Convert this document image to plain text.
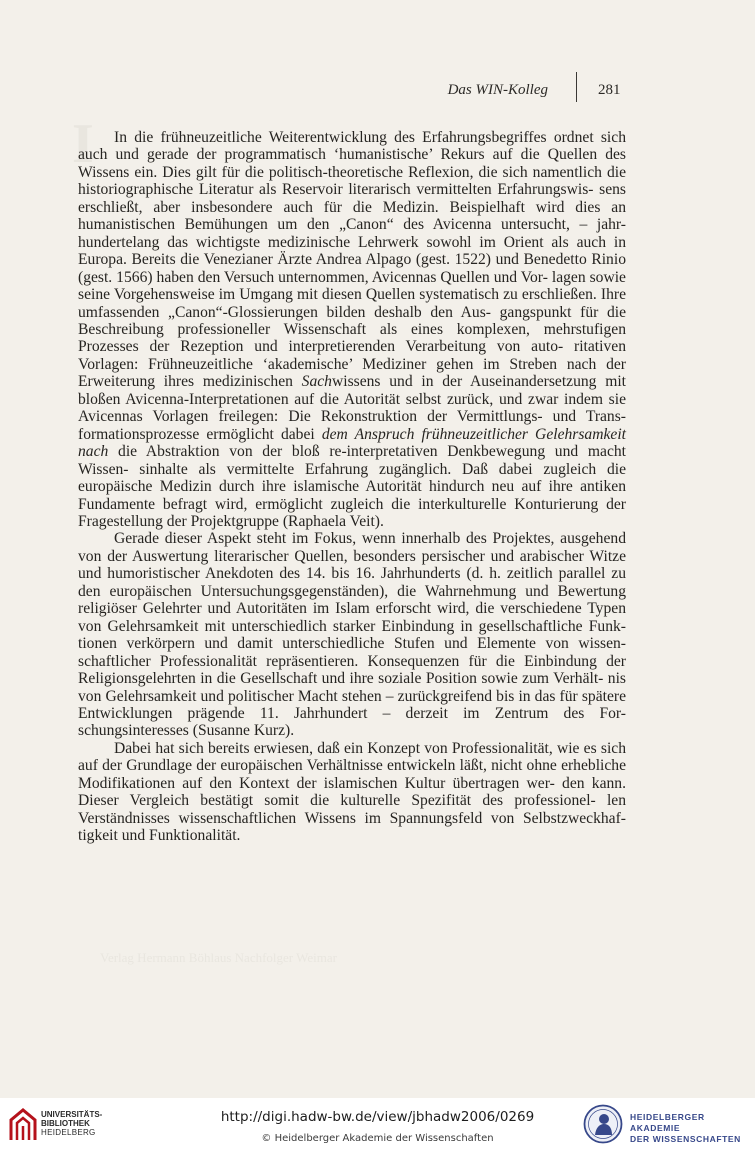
I
Verlag Hermann Böhlaus Nachfolger Weimar
Das WIN-Kolleg	281

In die frühneuzeitliche Weiterentwicklung des Erfahrungsbegriffes ordnet sich auch und gerade der programmatisch ‘humanistische’ Rekurs auf die Quellen des Wissens ein. Dies gilt für die politisch-theoretische Reflexion, die sich namentlich die historiographische Literatur als Reservoir literarisch vermittelten Erfahrungswis- sens erschließt, aber insbesondere auch für die Medizin. Beispielhaft wird dies an humanistischen Bemühungen um den „Canon“ des Avicenna untersucht, – jahr- hundertelang das wichtigste medizinische Lehrwerk sowohl im Orient als auch in Europa. Bereits die Venezianer Ärzte Andrea Alpago (gest. 1522) und Benedetto Rinio (gest. 1566) haben den Versuch unternommen, Avicennas Quellen und Vor- lagen sowie seine Vorgehensweise im Umgang mit diesen Quellen systematisch zu erschließen. Ihre umfassenden „Canon“-Glossierungen bilden deshalb den Aus- gangspunkt für die Beschreibung professioneller Wissenschaft als eines komplexen, mehrstufigen Prozesses der Rezeption und interpretierenden Verarbeitung von auto- ritativen Vorlagen: Frühneuzeitliche ‘akademische’ Mediziner gehen im Streben nach der Erweiterung ihres medizinischen Sachwissens und in der Auseinandersetzung mit bloßen Avicenna-Interpretationen auf die Autorität selbst zurück, und zwar indem sie Avicennas Vorlagen freilegen: Die Rekonstruktion der Vermittlungs- und Trans- formationsprozesse ermöglicht dabei dem Anspruch frühneuzeitlicher Gelehrsamkeit nach die Abstraktion von der bloß re-interpretativen Denkbewegung und macht Wissen- sinhalte als vermittelte Erfahrung zugänglich. Daß dabei zugleich die europäische Medizin durch ihre islamische Autorität hindurch neu auf ihre antiken Fundamente befragt wird, ermöglicht zugleich die interkulturelle Konturierung der Fragestellung der Projektgruppe (Raphaela Veit).

Gerade dieser Aspekt steht im Fokus, wenn innerhalb des Projektes, ausgehend von der Auswertung literarischer Quellen, besonders persischer und arabischer Witze und humoristischer Anekdoten des 14. bis 16. Jahrhunderts (d. h. zeitlich parallel zu den europäischen Untersuchungsgegenständen), die Wahrnehmung und Bewertung religiöser Gelehrter und Autoritäten im Islam erforscht wird, die verschiedene Typen von Gelehrsamkeit mit unterschiedlich starker Einbindung in gesellschaftliche Funk- tionen verkörpern und damit unterschiedliche Stufen und Elemente von wissen- schaftlicher Professionalität repräsentieren. Konsequenzen für die Einbindung der Religionsgelehrten in die Gesellschaft und ihre soziale Position sowie zum Verhält- nis von Gelehrsamkeit und politischer Macht stehen – zurückgreifend bis in das für spätere Entwicklungen prägende 11. Jahrhundert – derzeit im Zentrum des For- schungsinteresses (Susanne Kurz).

Dabei hat sich bereits erwiesen, daß ein Konzept von Professionalität, wie es sich auf der Grundlage der europäischen Verhältnisse entwickeln läßt, nicht ohne erhebliche Modifikationen auf den Kontext der islamischen Kultur übertragen wer- den kann. Dieser Vergleich bestätigt somit die kulturelle Spezifität des professionel- len Verständnisses wissenschaftlichen Wissens im Spannungsfeld von Selbstzweckhaf- tigkeit und Funktionalität.

UNIVERSITÄTS-
BIBLIOTHEK
HEIDELBERG
http://digi.hadw-bw.de/view/jbhadw2006/0269
© Heidelberger Akademie der Wissenschaften
HEIDELBERGER AKADEMIE
DER WISSENSCHAFTEN
